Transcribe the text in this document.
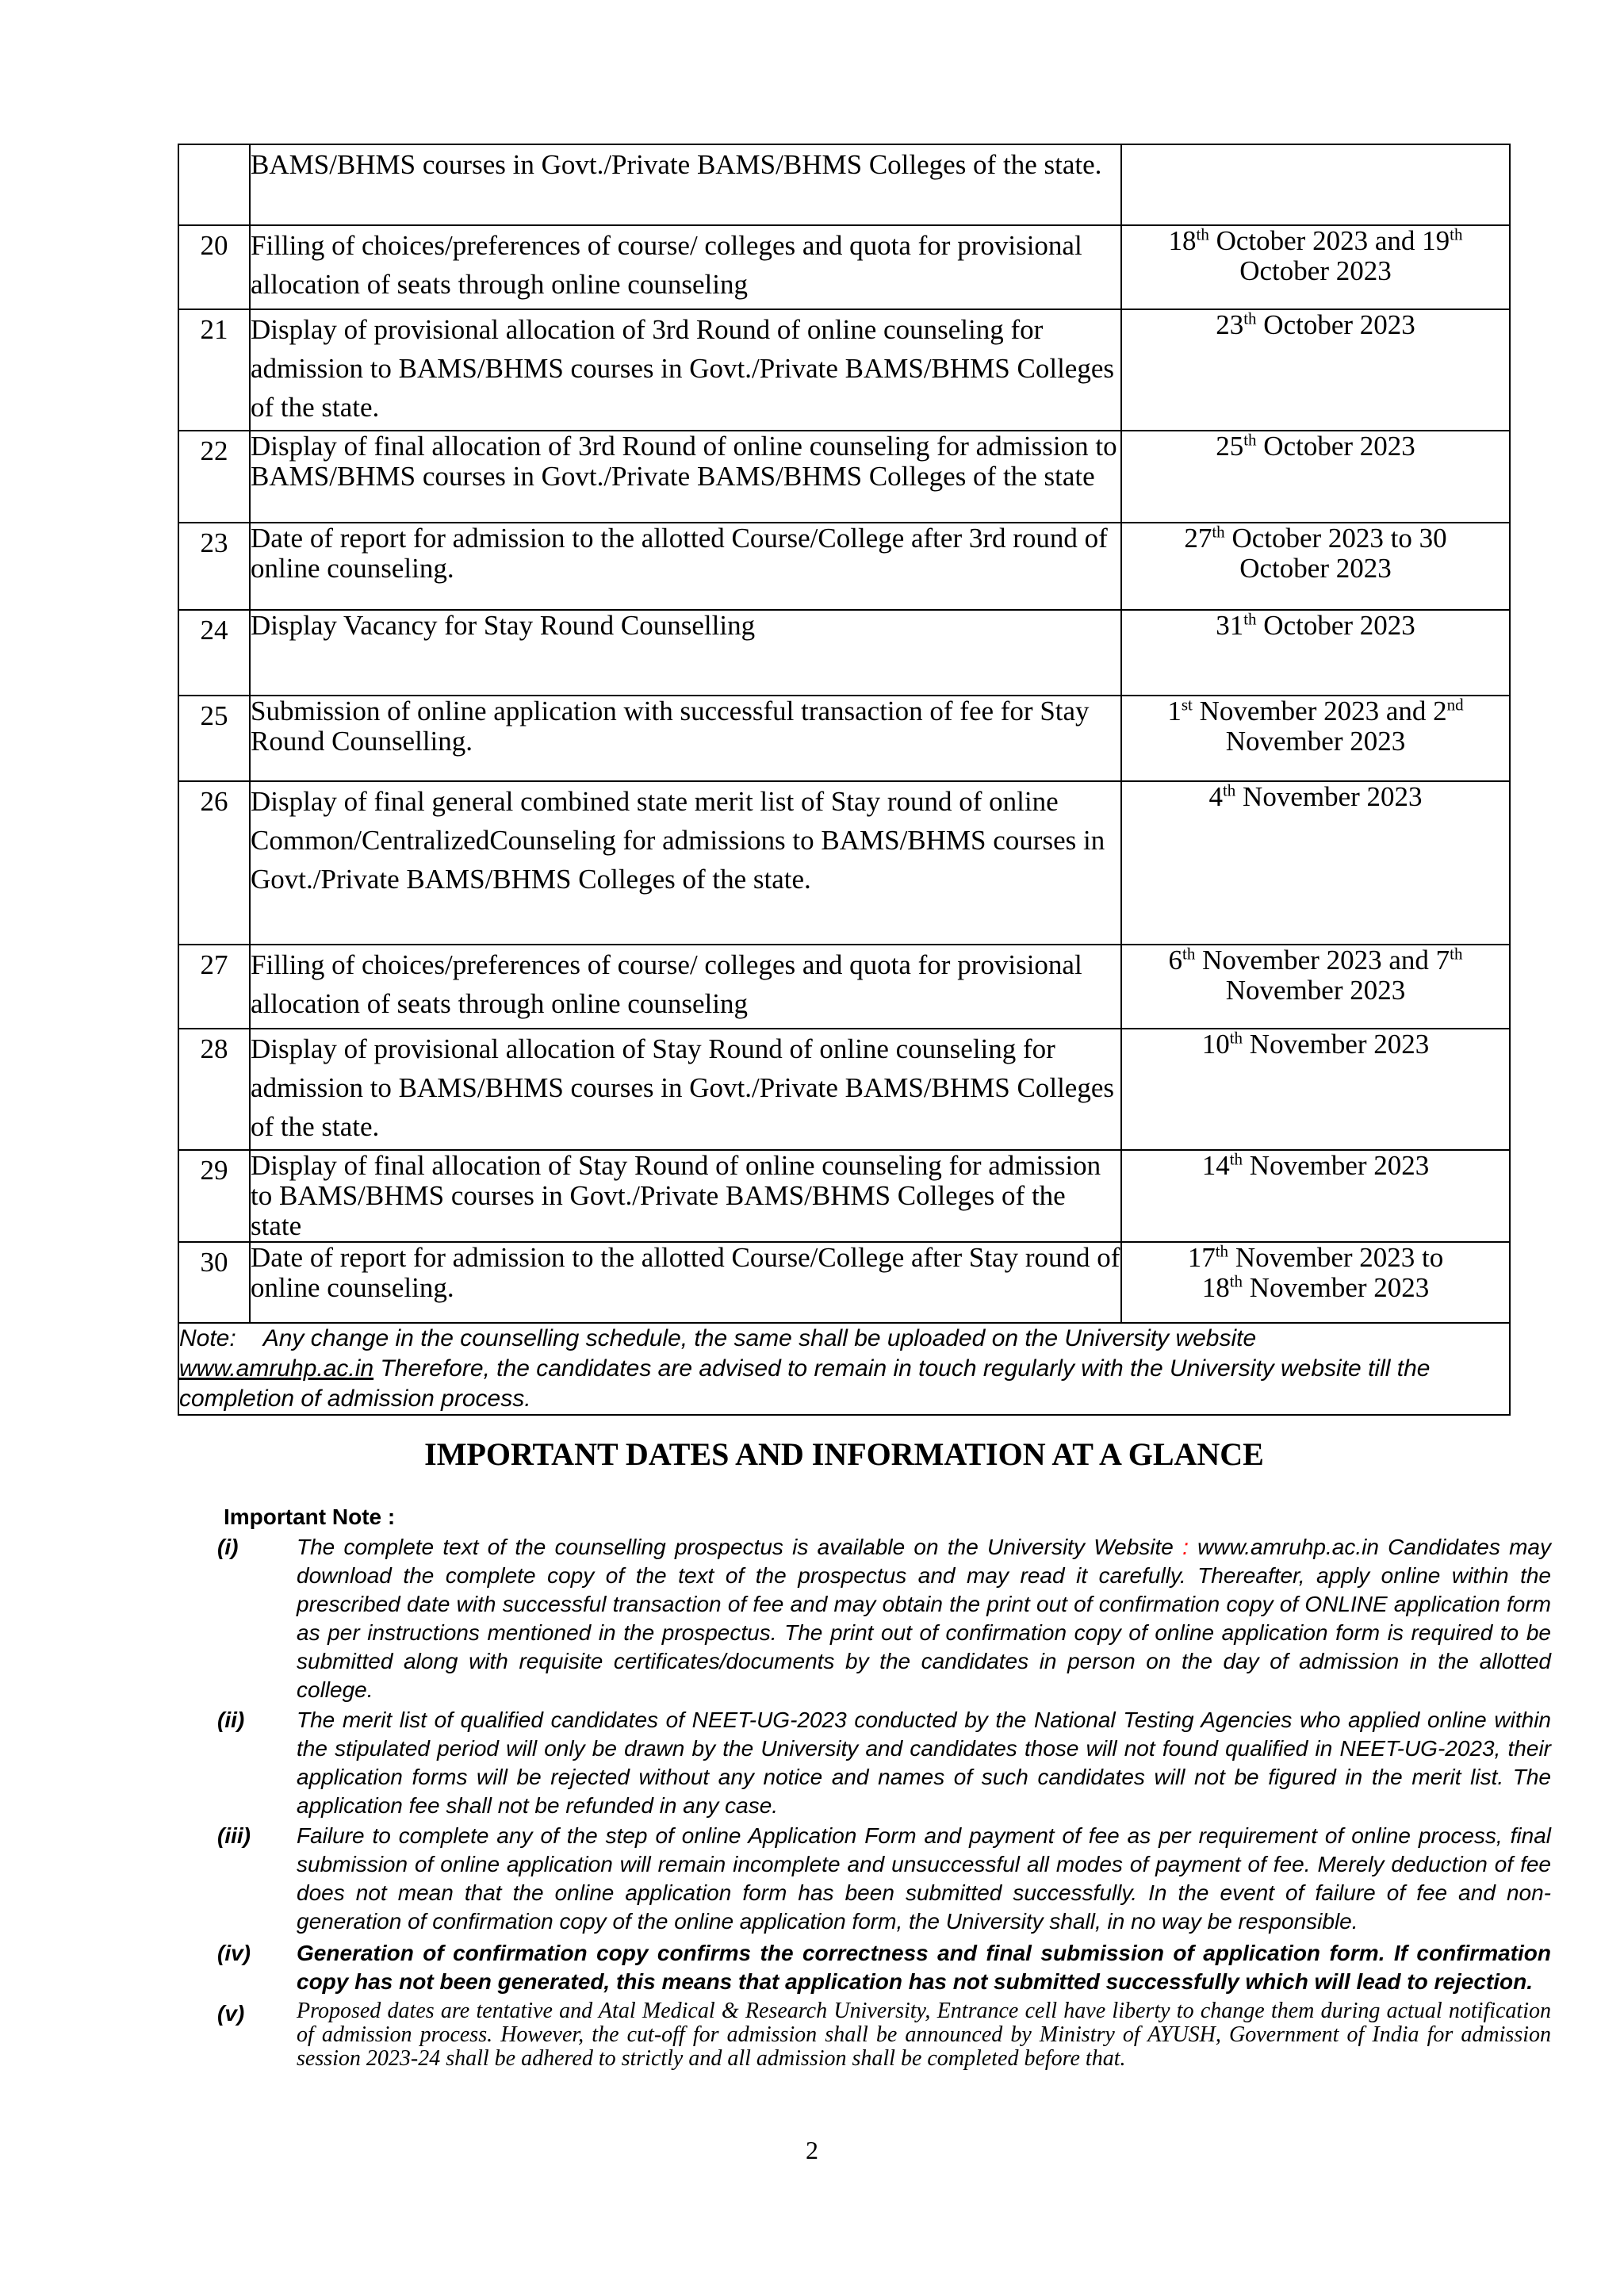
	BAMS/BHMS courses in Govt./Private BAMS/BHMS Colleges of the state.	

20	Filling of choices/preferences of course/ colleges and quota for provisional allocation of seats through online counseling	18th October 2023 and 19th
October 2023
21	Display of provisional allocation of 3rd Round of online counseling for admission to BAMS/BHMS courses in Govt./Private BAMS/BHMS Colleges of the state.	23th October 2023
22	Display of final allocation of 3rd Round of online counseling for admission to BAMS/BHMS courses in Govt./Private BAMS/BHMS Colleges of the state	25th October 2023
23	Date of report for admission to the allotted Course/College after 3rd round of online counseling.	27th October 2023 to 30
October 2023
24	Display Vacancy for Stay Round Counselling	31th October 2023
25	Submission of online application with successful transaction of fee for Stay Round Counselling.	1st November 2023 and 2nd
November 2023
26	Display of final general combined state merit list of Stay round of online Common/CentralizedCounseling for admissions to BAMS/BHMS courses in Govt./Private BAMS/BHMS Colleges of the state.	4th November 2023
27	Filling of choices/preferences of course/ colleges and quota for provisional allocation of seats through online counseling	6th November 2023 and 7th
November 2023
28	Display of provisional allocation of Stay Round of online counseling for admission to BAMS/BHMS courses in Govt./Private BAMS/BHMS Colleges of the state.	10th November 2023
29	Display of final allocation of Stay Round of online counseling for admission to BAMS/BHMS courses in Govt./Private BAMS/BHMS Colleges of the state	14th November 2023
30	Date of report for admission to the allotted Course/College after Stay round of online counseling.	17th November 2023 to
18th November 2023
Note: Any change in the counselling schedule, the same shall be uploaded on the University website
www.amruhp.ac.in Therefore, the candidates are advised to remain in touch regularly with the University website till the completion of admission process.		
IMPORTANT DATES AND INFORMATION AT A GLANCE
Important Note :
(i)	The complete text of the counselling prospectus is available on the University Website : www.amruhp.ac.in Candidates may download the complete copy of the text of the prospectus and may read it carefully. Thereafter, apply online within the prescribed date with successful transaction of fee and may obtain the print out of confirmation copy of ONLINE application form as per instructions mentioned in the prospectus. The print out of confirmation copy of online application form is required to be submitted along with requisite certificates/documents by the candidates in person on the day of admission in the allotted college.
(ii)	The merit list of qualified candidates of NEET-UG-2023 conducted by the National Testing Agencies who applied online within the stipulated period will only be drawn by the University and candidates those will not found qualified in NEET-UG-2023, their application forms will be rejected without any notice and names of such candidates will not be figured in the merit list. The application fee shall not be refunded in any case.
(iii)	Failure to complete any of the step of online Application Form and payment of fee as per requirement of online process, final submission of online application will remain incomplete and unsuccessful all modes of payment of fee. Merely deduction of fee does not mean that the online application form has been submitted successfully. In the event of failure of fee and non-generation of confirmation copy of the online application form, the University shall, in no way be responsible.
(iv)	Generation of confirmation copy confirms the correctness and final submission of application form. If confirmation copy has not been generated, this means that application has not submitted successfully which will lead to rejection.
(v)	Proposed dates are tentative and Atal Medical & Research University, Entrance cell have liberty to change them during actual notification of admission process. However, the cut-off for admission shall be announced by Ministry of AYUSH, Government of India for admission session 2023-24 shall be adhered to strictly and all admission shall be completed before that.
2
